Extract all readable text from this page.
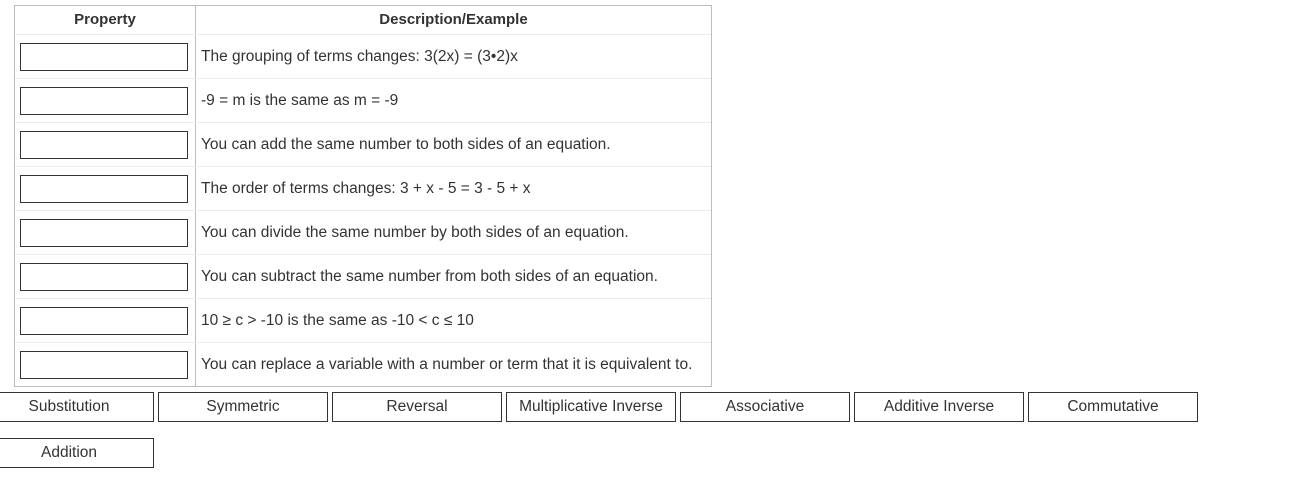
Property	Description/Example
The grouping of terms changes: 3(2x) = (3•2)x
-9 = m is the same as m = -9
You can add the same number to both sides of an equation.
The order of terms changes: 3 + x - 5 = 3 - 5 + x
You can divide the same number by both sides of an equation.
You can subtract the same number from both sides of an equation.
10 ≥ c > -10 is the same as -10 < c ≤ 10
You can replace a variable with a number or term that it is equivalent to.
Substitution	Symmetric	Reversal	Multiplicative Inverse	Associative	Additive Inverse	Commutative
Addition
